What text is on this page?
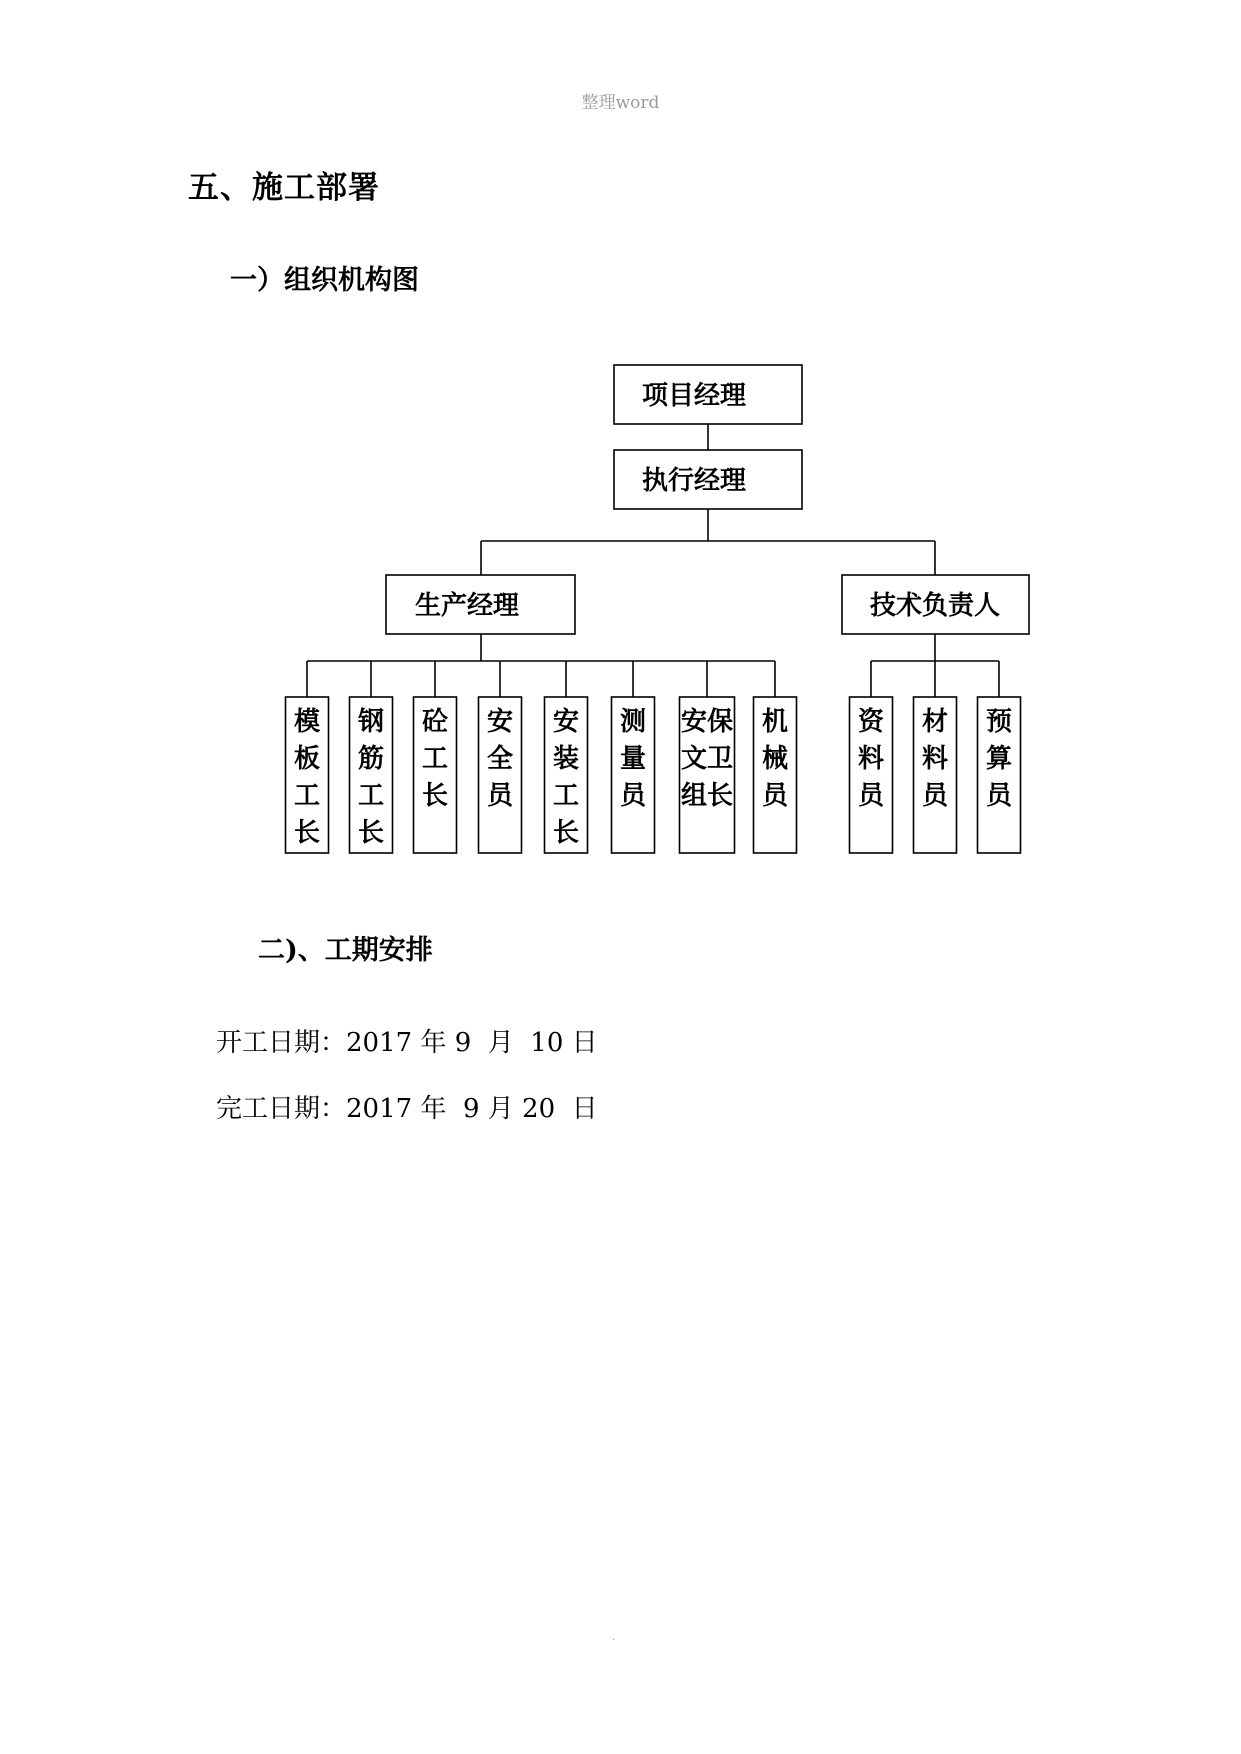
整理word
五、施工部署
一）组织机构图
项目经理
执行经理
生产经理	技术负责人
模板工长
钢筋工长
砼工长
安全员
安装工长
测量员
安保文卫组长
机械员
资料员
材料员
预算员
二)、工期安排
开工日期：2017 年 9  月  10 日
完工日期：2017 年  9 月 20  日
.
